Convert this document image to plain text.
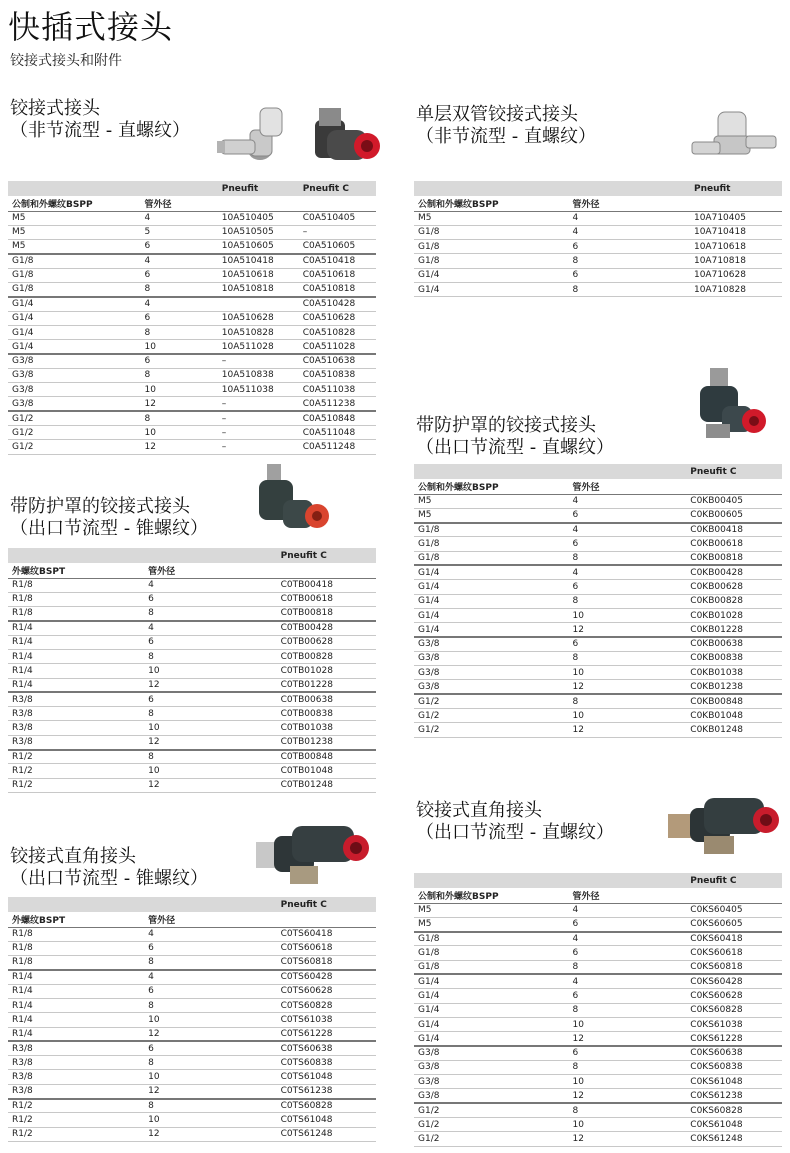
快插式接头
铰接式接头和附件
铰接式接头
（非节流型 - 直螺纹）
		Pneufit	Pneufit C
公制和外螺纹BSPP	管外径		
M5	4	10A510405	C0A510405
M5	5	10A510505	–
M5	6	10A510605	C0A510605
G1/8	4	10A510418	C0A510418
G1/8	6	10A510618	C0A510618
G1/8	8	10A510818	C0A510818
G1/4	4		C0A510428
G1/4	6	10A510628	C0A510628
G1/4	8	10A510828	C0A510828
G1/4	10	10A511028	C0A511028
G3/8	6	–	C0A510638
G3/8	8	10A510838	C0A510838
G3/8	10	10A511038	C0A511038
G3/8	12	–	C0A511238
G1/2	8	–	C0A510848
G1/2	10	–	C0A511048
G1/2	12	–	C0A511248
单层双管铰接式接头
（非节流型 - 直螺纹）
		Pneufit
公制和外螺纹BSPP	管外径	
M5	4	10A710405
G1/8	4	10A710418
G1/8	6	10A710618
G1/8	8	10A710818
G1/4	6	10A710628
G1/4	8	10A710828
带防护罩的铰接式接头
（出口节流型 - 直螺纹）
		Pneufit C
公制和外螺纹BSPP	管外径	
M5	4	C0KB00405
M5	6	C0KB00605
G1/8	4	C0KB00418
G1/8	6	C0KB00618
G1/8	8	C0KB00818
G1/4	4	C0KB00428
G1/4	6	C0KB00628
G1/4	8	C0KB00828
G1/4	10	C0KB01028
G1/4	12	C0KB01228
G3/8	6	C0KB00638
G3/8	8	C0KB00838
G3/8	10	C0KB01038
G3/8	12	C0KB01238
G1/2	8	C0KB00848
G1/2	10	C0KB01048
G1/2	12	C0KB01248
带防护罩的铰接式接头
（出口节流型 - 锥螺纹）
		Pneufit C
外螺纹BSPT	管外径	
R1/8	4	C0TB00418
R1/8	6	C0TB00618
R1/8	8	C0TB00818
R1/4	4	C0TB00428
R1/4	6	C0TB00628
R1/4	8	C0TB00828
R1/4	10	C0TB01028
R1/4	12	C0TB01228
R3/8	6	C0TB00638
R3/8	8	C0TB00838
R3/8	10	C0TB01038
R3/8	12	C0TB01238
R1/2	8	C0TB00848
R1/2	10	C0TB01048
R1/2	12	C0TB01248
铰接式直角接头
（出口节流型 - 直螺纹）
		Pneufit C
公制和外螺纹BSPP	管外径	
M5	4	C0KS60405
M5	6	C0KS60605
G1/8	4	C0KS60418
G1/8	6	C0KS60618
G1/8	8	C0KS60818
G1/4	4	C0KS60428
G1/4	6	C0KS60628
G1/4	8	C0KS60828
G1/4	10	C0KS61038
G1/4	12	C0KS61228
G3/8	6	C0KS60638
G3/8	8	C0KS60838
G3/8	10	C0KS61048
G3/8	12	C0KS61238
G1/2	8	C0KS60828
G1/2	10	C0KS61048
G1/2	12	C0KS61248
铰接式直角接头
（出口节流型 - 锥螺纹）
		Pneufit C
外螺纹BSPT	管外径	
R1/8	4	C0TS60418
R1/8	6	C0TS60618
R1/8	8	C0TS60818
R1/4	4	C0TS60428
R1/4	6	C0TS60628
R1/4	8	C0TS60828
R1/4	10	C0TS61038
R1/4	12	C0TS61228
R3/8	6	C0TS60638
R3/8	8	C0TS60838
R3/8	10	C0TS61048
R3/8	12	C0TS61238
R1/2	8	C0TS60828
R1/2	10	C0TS61048
R1/2	12	C0TS61248
